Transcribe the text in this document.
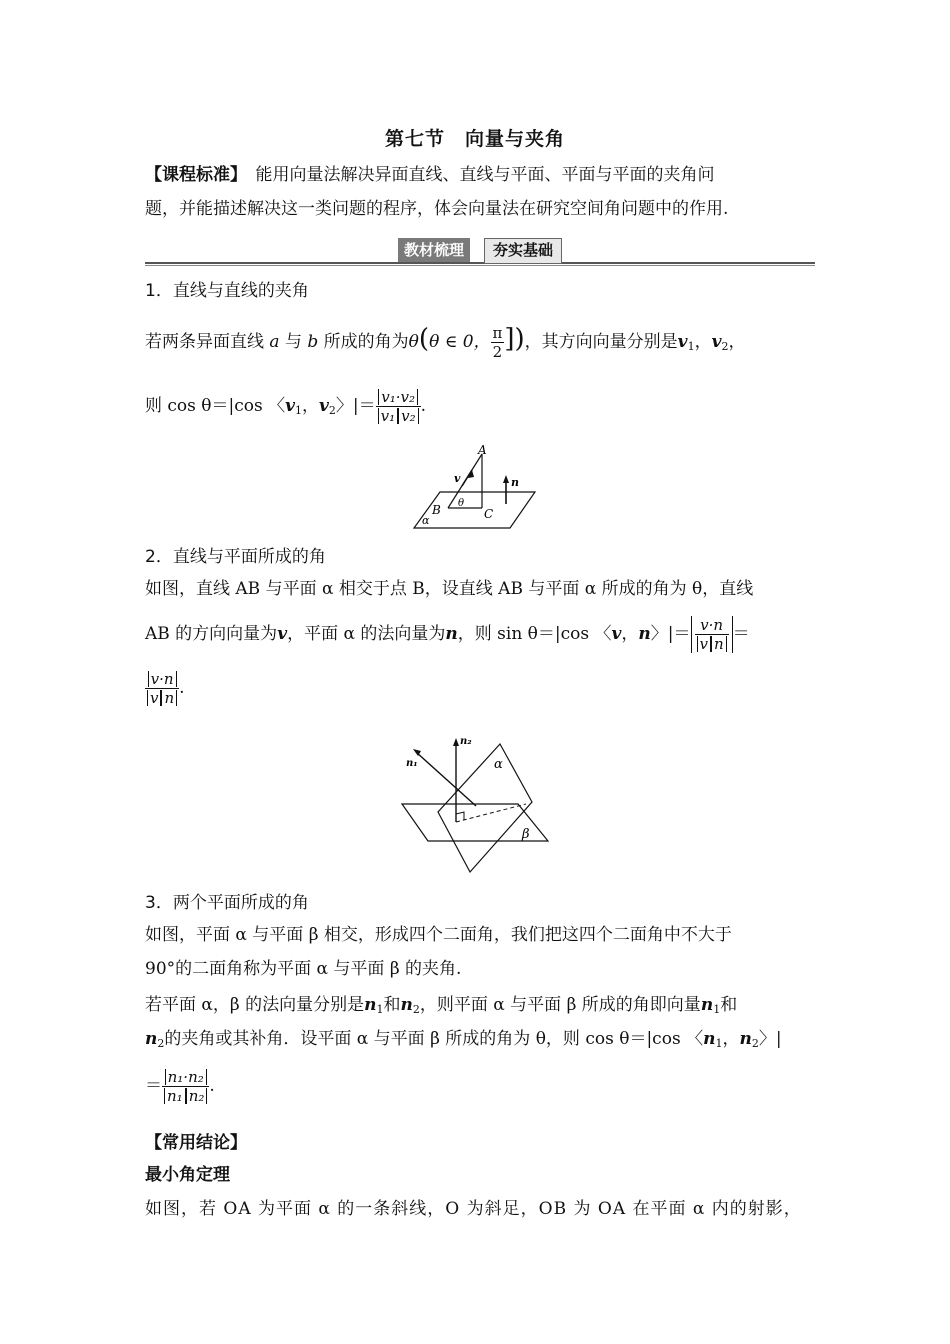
第七节　向量与夹角
【课程标准】　能用向量法解决异面直线、直线与平面、平面与平面的夹角问
题，并能描述解决这一类问题的程序，体会向量法在研究空间角问题中的作用.
教材梳理	夯实基础
1．直线与直线的夹角
若两条异面直线 a 与 b 所成的角为θ(θ ∈ 0， $\frac{\pi}{2}$ ])，其方向向量分别是$v_1$，$v_2$，
则 cos θ＝|cos 〈$v_1$，$v_2$〉|＝ $\frac{\text{v₁·v₂}}{\text{v₁ v₂}}$ .
A
B	C
v	n
θ
α
2．直线与平面所成的角
如图，直线 AB 与平面 α 相交于点 B，设直线 AB 与平面 α 所成的角为 θ，直线
AB 的方向向量为v，平面 α 的法向量为n，则 sin θ＝|cos 〈v，n〉|＝ $\frac{v\cdot n}{\text{v n}}$ ＝
$\frac{v\cdot n}{\text{v n}}$ .
n₂
n₁	α
β
3．两个平面所成的角
如图，平面 α 与平面 β 相交，形成四个二面角，我们把这四个二面角中不大于
90°的二面角称为平面 α 与平面 β 的夹角.
若平面 α，β 的法向量分别是$n_1$和$n_2$，则平面 α 与平面 β 所成的角即向量$n_1$和
$n_2$的夹角或其补角．设平面 α 与平面 β 所成的角为 θ，则 cos θ＝|cos 〈$n_1$，$n_2$〉|
＝ $\frac{\text{n₁·n₂}}{\text{n₁ n₂}}$ .
【常用结论】
最小角定理
如图，若 OA 为平面 α 的一条斜线，O 为斜足，OB 为 OA 在平面 α 内的射影，
